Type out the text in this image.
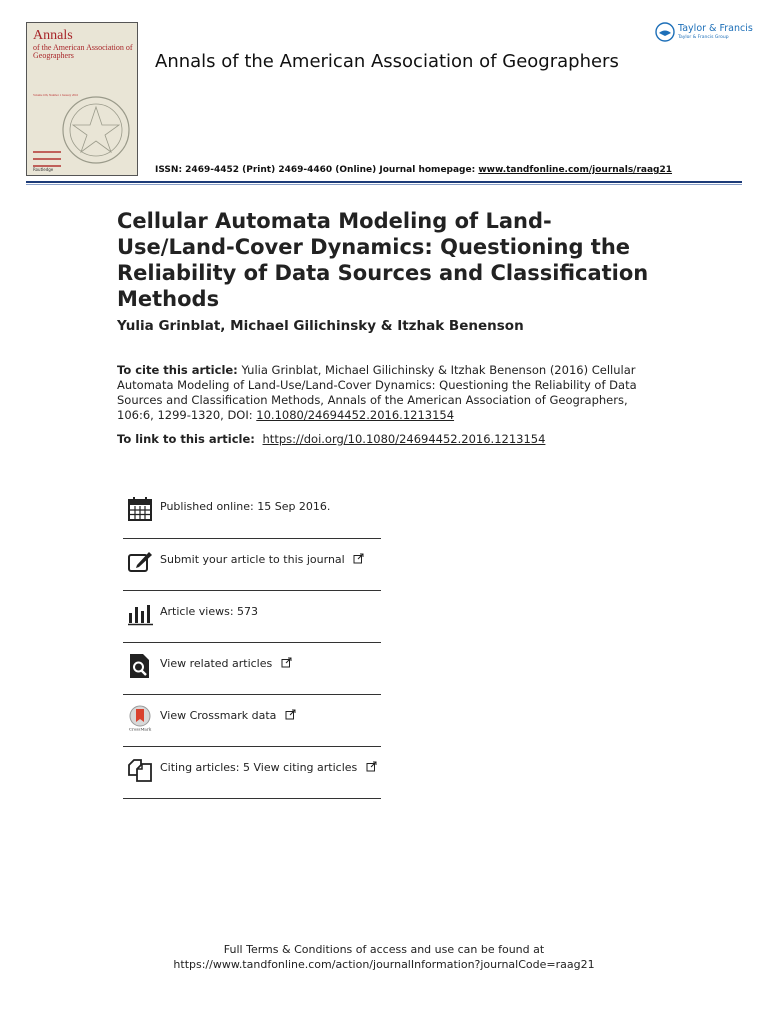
Annals
of the American Association of Geographers
Volume 106, Number 1 January 2016
Routledge
Annals of the American Association of Geographers
ISSN: 2469-4452 (Print) 2469-4460 (Online) Journal homepage: www.tandfonline.com/journals/raag21
Taylor & Francis
Taylor & Francis Group
Cellular Automata Modeling of Land-Use/Land-Cover Dynamics: Questioning the Reliability of Data Sources and Classification Methods
Yulia Grinblat, Michael Gilichinsky & Itzhak Benenson
To cite this article: Yulia Grinblat, Michael Gilichinsky & Itzhak Benenson (2016) Cellular Automata Modeling of Land-Use/Land-Cover Dynamics: Questioning the Reliability of Data Sources and Classification Methods, Annals of the American Association of Geographers, 106:6, 1299-1320, DOI: 10.1080/24694452.2016.1213154
To link to this article: https://doi.org/10.1080/24694452.2016.1213154
Published online: 15 Sep 2016.
Submit your article to this journal
Article views: 573
View related articles
CrossMark
View Crossmark data
Citing articles: 5 View citing articles
Full Terms & Conditions of access and use can be found at
https://www.tandfonline.com/action/journalInformation?journalCode=raag21
